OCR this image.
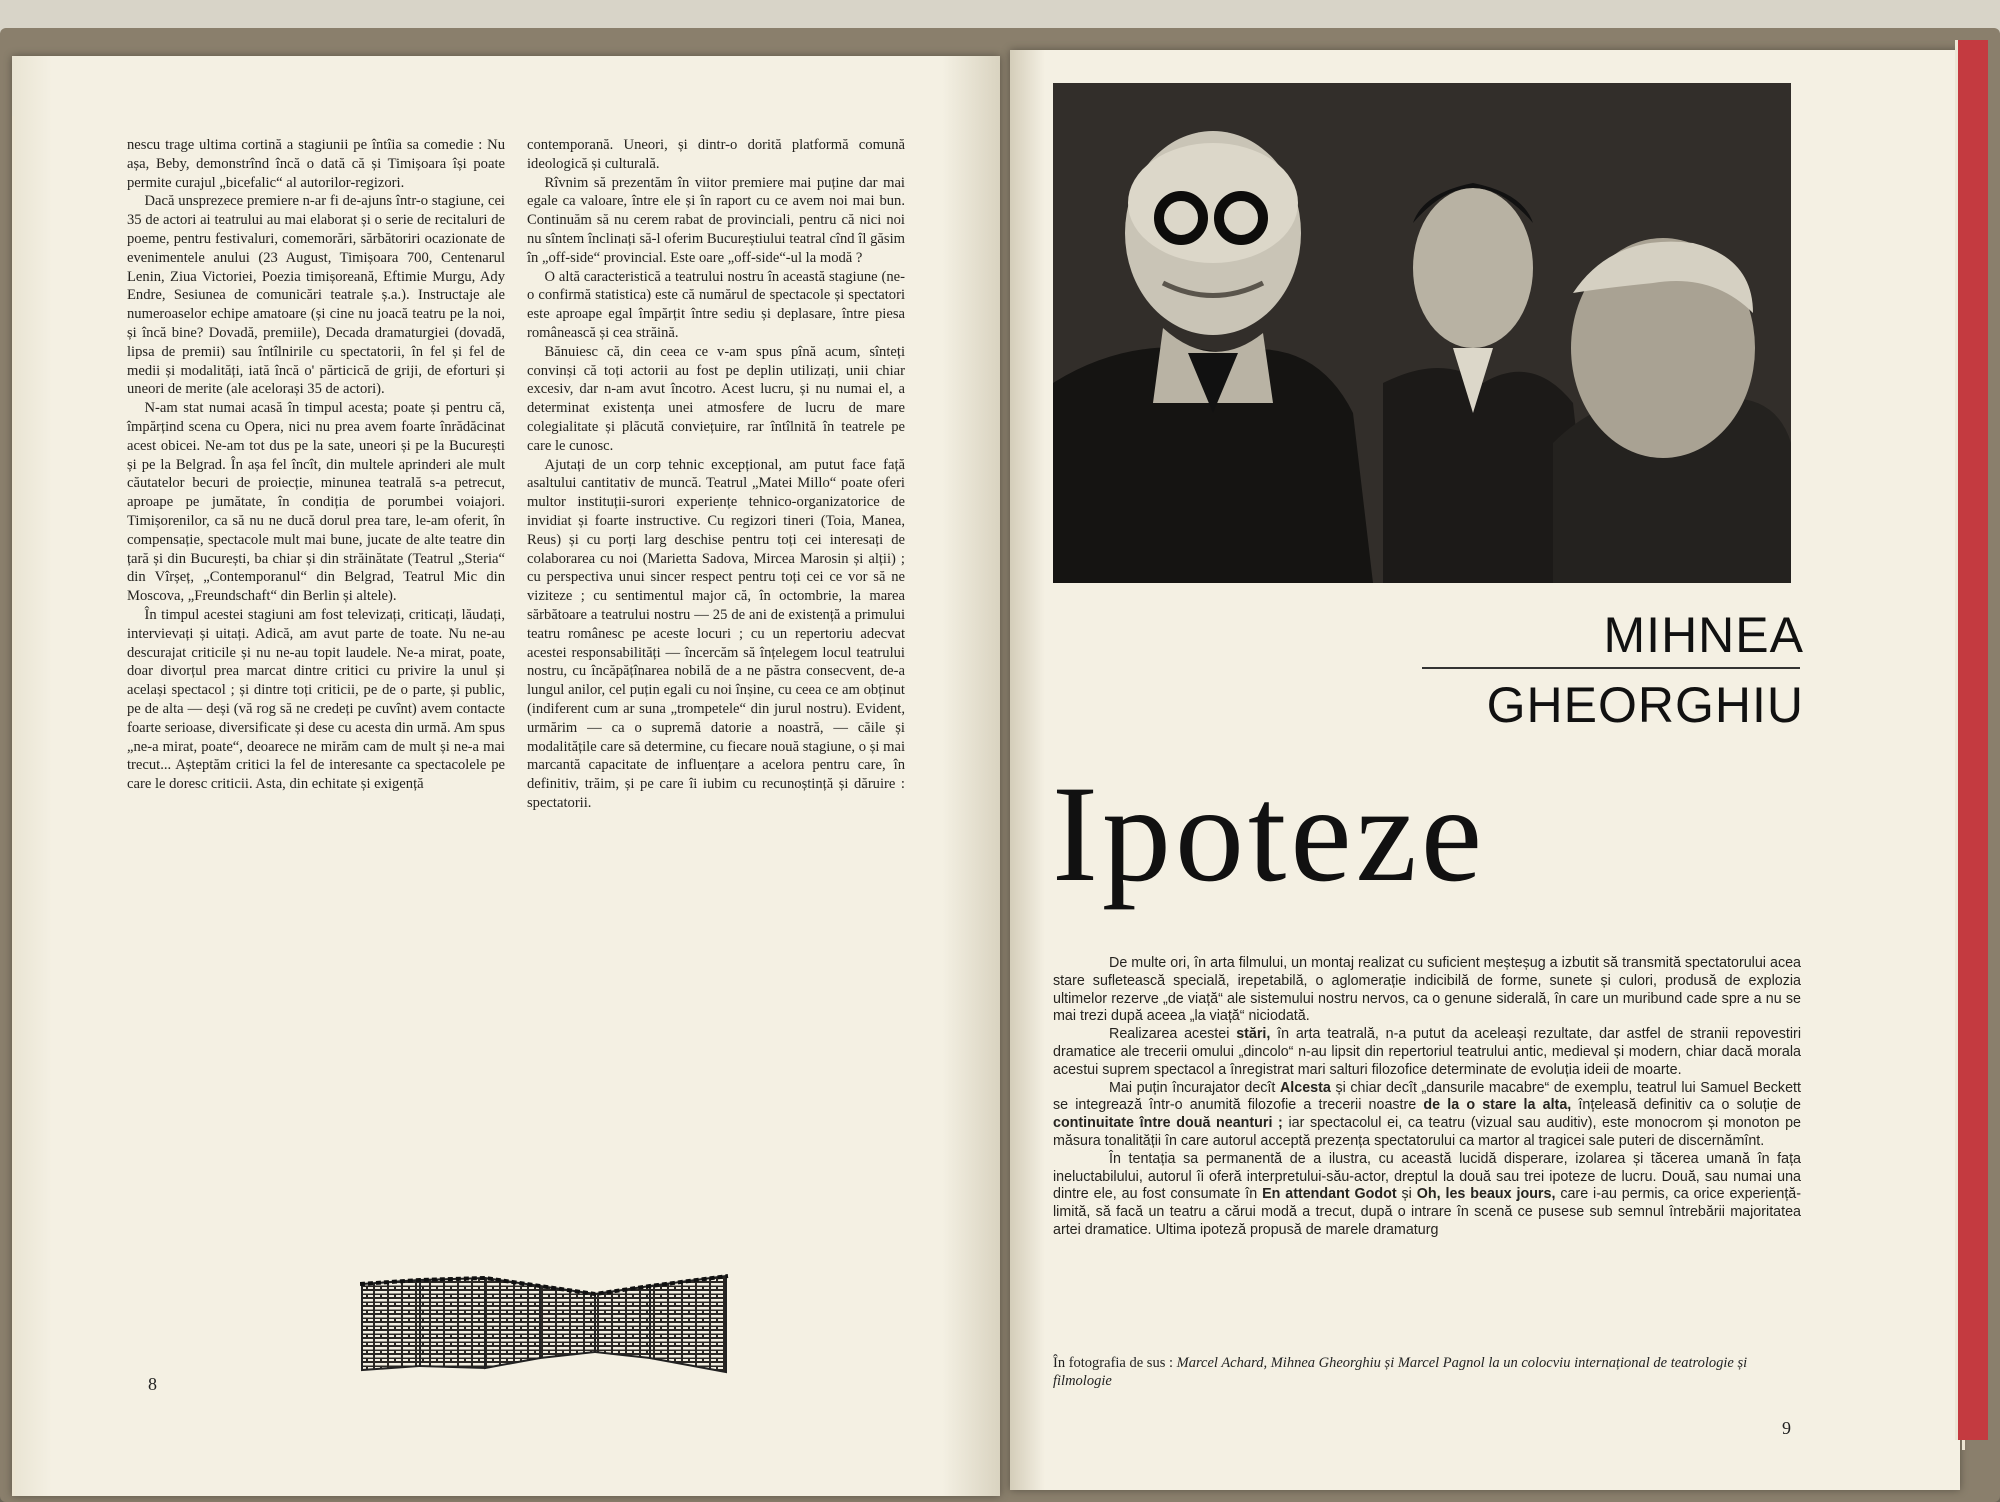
nescu trage ultima cortină a stagiunii pe întîia sa comedie : Nu așa, Beby, demonstrînd încă o dată că și Timișoara își poate permite curajul „bicefalic“ al autorilor-regizori.

Dacă unsprezece premiere n-ar fi de-ajuns într-o stagiune, cei 35 de actori ai teatrului au mai elaborat și o serie de recitaluri de poeme, pentru festivaluri, comemorări, sărbătoriri ocazionate de evenimentele anului (23 August, Timișoara 700, Centenarul Lenin, Ziua Victoriei, Poezia timișoreană, Eftimie Murgu, Ady Endre, Sesiunea de comunicări teatrale ș.a.). Instructaje ale numeroaselor echipe amatoare (și cine nu joacă teatru pe la noi, și încă bine? Dovadă, premiile), Decada dramaturgiei (dovadă, lipsa de premii) sau întîlnirile cu spectatorii, în fel și fel de medii și modalități, iată încă o' părticică de griji, de eforturi și uneori de merite (ale acelorași 35 de actori).

N-am stat numai acasă în timpul acesta; poate și pentru că, împărțind scena cu Opera, nici nu prea avem foarte înrădăcinat acest obicei. Ne-am tot dus pe la sate, uneori și pe la București și pe la Belgrad. În așa fel încît, din multele aprinderi ale mult căutatelor becuri de proiecție, minunea teatrală s-a petrecut, aproape pe jumătate, în condiția de porumbei voiajori. Timișorenilor, ca să nu ne ducă dorul prea tare, le-am oferit, în compensație, spectacole mult mai bune, jucate de alte teatre din țară și din București, ba chiar și din străinătate (Teatrul „Steria“ din Vîrșeț, „Contemporanul“ din Belgrad, Teatrul Mic din Moscova, „Freundschaft“ din Berlin și altele).

În timpul acestei stagiuni am fost televizați, criticați, lăudați, intervievați și uitați. Adică, am avut parte de toate. Nu ne-au descurajat criticile și nu ne-au topit laudele. Ne-a mirat, poate, doar divorțul prea marcat dintre critici cu privire la unul și același spectacol ; și dintre toți criticii, pe de o parte, și public, pe de alta — deși (vă rog să ne credeți pe cuvînt) avem contacte foarte serioase, diversificate și dese cu acesta din urmă. Am spus „ne-a mirat, poate“, deoarece ne mirăm cam de mult și ne-a mai trecut... Așteptăm critici la fel de interesante ca spectacolele pe care le doresc criticii. Asta, din echitate și exigență

contemporană. Uneori, și dintr-o dorită platformă comună ideologică și culturală.

Rîvnim să prezentăm în viitor premiere mai puține dar mai egale ca valoare, între ele și în raport cu ce avem noi mai bun. Continuăm să nu cerem rabat de provinciali, pentru că nici noi nu sîntem înclinați să-l oferim Bucureștiului teatral cînd îl găsim în „off-side“ provincial. Este oare „off-side“-ul la modă ?

O altă caracteristică a teatrului nostru în această stagiune (ne-o confirmă statistica) este că numărul de spectacole și spectatori este aproape egal împărțit între sediu și deplasare, între piesa românească și cea străină.

Bănuiesc că, din ceea ce v-am spus pînă acum, sînteți convinși că toți actorii au fost pe deplin utilizați, unii chiar excesiv, dar n-am avut încotro. Acest lucru, și nu numai el, a determinat existența unei atmosfere de lucru de mare colegialitate și plăcută conviețuire, rar întîlnită în teatrele pe care le cunosc.

Ajutați de un corp tehnic excepțional, am putut face față asaltului cantitativ de muncă. Teatrul „Matei Millo“ poate oferi multor instituții-surori experiențe tehnico-organizatorice de invidiat și foarte instructive. Cu regizori tineri (Toia, Manea, Reus) și cu porți larg deschise pentru toți cei interesați de colaborarea cu noi (Marietta Sadova, Mircea Marosin și alții) ; cu perspectiva unui sincer respect pentru toți cei ce vor să ne viziteze ; cu sentimentul major că, în octombrie, la marea sărbătoare a teatrului nostru — 25 de ani de existență a primului teatru românesc pe aceste locuri ; cu un repertoriu adecvat acestei responsabilități — încercăm să înțelegem locul teatrului nostru, cu încăpățînarea nobilă de a ne păstra consecvent, de-a lungul anilor, cel puțin egali cu noi înșine, cu ceea ce am obținut (indiferent cum ar suna „trompetele“ din jurul nostru). Evident, urmărim — ca o supremă datorie a noastră, — căile și modalitățile care să determine, cu fiecare nouă stagiune, o și mai marcantă capacitate de influențare a acelora pentru care, în definitiv, trăim, și pe care îi iubim cu recunoștință și dăruire : spectatorii.

8
MIHNEA
GHEORGHIU
Ipoteze

De multe ori, în arta filmului, un montaj realizat cu suficient meșteșug a izbutit să transmită spectatorului acea stare sufletească specială, irepetabilă, o aglomerație indicibilă de forme, sunete și culori, produsă de explozia ultimelor rezerve „de viață“ ale sistemului nostru nervos, ca o genune siderală, în care un muribund cade spre a nu se mai trezi după aceea „la viață“ niciodată.

Realizarea acestei stări, în arta teatrală, n-a putut da aceleași rezultate, dar astfel de stranii repovestiri dramatice ale trecerii omului „dincolo“ n-au lipsit din repertoriul teatrului antic, medieval și modern, chiar dacă morala acestui suprem spectacol a înregistrat mari salturi filozofice determinate de evoluția ideii de moarte.

Mai puțin încurajator decît Alcesta și chiar decît „dansurile macabre“ de exemplu, teatrul lui Samuel Beckett se integrează într-o anumită filozofie a trecerii noastre de la o stare la alta, înțeleasă definitiv ca o soluție de continuitate între două neanturi ; iar spectacolul ei, ca teatru (vizual sau auditiv), este monocrom și monoton pe măsura tonalității în care autorul acceptă prezența spectatorului ca martor al tragicei sale puteri de discernămînt.

În tentația sa permanentă de a ilustra, cu această lucidă disperare, izolarea și tăcerea umană în fața ineluctabilului, autorul îi oferă interpretului-său-actor, dreptul la două sau trei ipoteze de lucru. Două, sau numai una dintre ele, au fost consumate în En attendant Godot și Oh, les beaux jours, care i-au permis, ca orice experiență-limită, să facă un teatru a cărui modă a trecut, după o intrare în scenă ce pusese sub semnul întrebării majoritatea artei dramatice. Ultima ipoteză propusă de marele dramaturg

În fotografia de sus : Marcel Achard, Mihnea Gheorghiu și Marcel Pagnol la un colocviu internațional de teatrologie și filmologie
9
